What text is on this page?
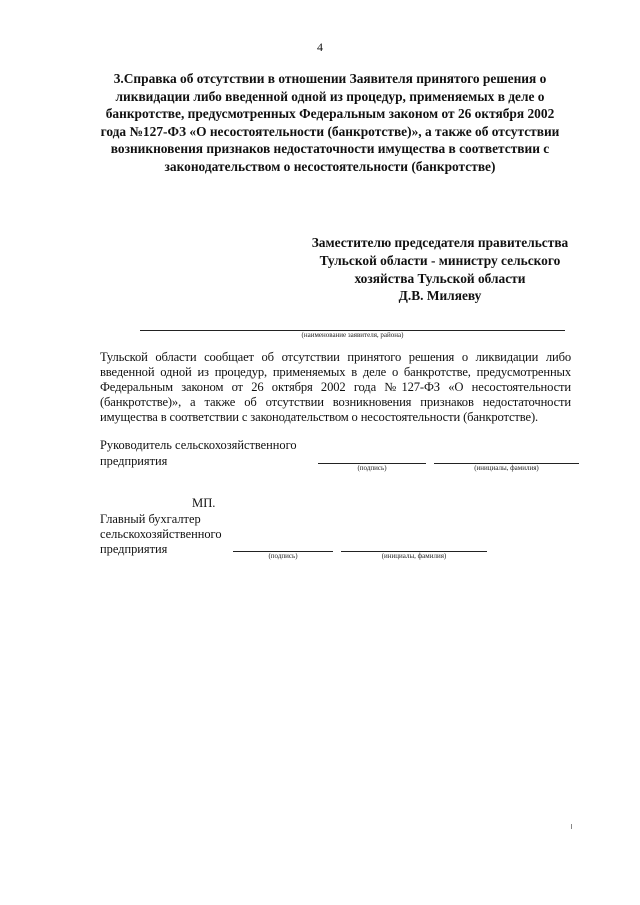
4
3.Справка об отсутствии в отношении Заявителя принятого решения о ликвидации либо введенной одной из процедур, применяемых в деле о банкротстве, предусмотренных Федеральным законом от 26 октября 2002 года №127-ФЗ «О несостоятельности (банкротстве)», а также об отсутствии возникновения признаков недостаточности имущества в соответствии с законодательством о несостоятельности (банкротстве)
Заместителю председателя правительства
Тульской области - министру сельского
хозяйства Тульской области
Д.В. Миляеву
(наименование заявителя, района)
Тульской области сообщает об отсутствии принятого решения о ликвидации либо введенной одной из процедур, применяемых в деле о банкротстве, предусмотренных Федеральным законом от 26 октября 2002 года №127-ФЗ «О несостоятельности (банкротстве)», а также об отсутствии возникновения признаков недостаточности имущества в соответствии с законодательством о несостоятельности (банкротстве).
Руководитель сельскохозяйственного
предприятия	(подпись)	(инициалы, фамилия)
МП.
Главный бухгалтер
сельскохозяйственного
предприятия	(подпись)	(инициалы, фамилия)
